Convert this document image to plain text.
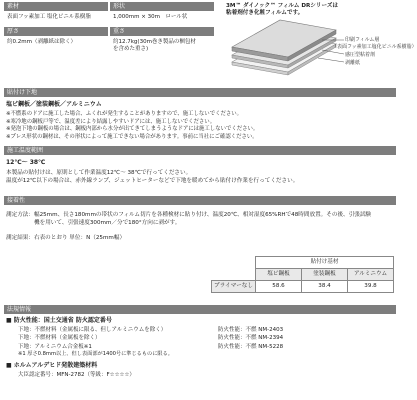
素材
表面フッ素加工 塩化ビニル系樹脂
形状
1,000mm × 30m　ロール状
厚さ
約0.2mm（剥離紙は除く）
重さ
約12.7kg(30m巻き製品の梱包材
を含めた重さ)
3M™ ダイノック™ フィルム DRシリーズは
粘着剤付き化粧フィルムです。
印刷フィルム層
（表面フッ素加工塩化ビニル系樹脂）
感圧型粘着剤
剥離紙
貼付け下地
塩ビ鋼板／塗装鋼板／アルミニウム
※不燃系のドアに施工した場合、ふくれが発生することがありますので、施工しないでください。
※寒冷地の鋼板戸等で、温度差により結露しやすいドアには、施工しないでください。
※発泡下地の鋼板の場合は、鋼板内部から水分が出てきてしまうようなドアには施工しないでください。
※プレス形状の鋼材は、その形状によって施工できない場合があります。事前に当社にご確認ください。
施工温度範囲
12℃〜 38℃
本製品の貼付けは、原則として作業温度12℃〜 38℃で行ってください。
温度が12℃以下の場合は、赤外線ランプ、ジェットヒーターなどで下地を暖めてから貼付け作業を行ってください。
接着性
測定方法：幅25mm、長さ180mmの帯状のフィルム切片を各種検材に貼り付け、温度20℃、相対湿度65%RHで48時間放置。その後、引張試験
機を用いて、引張速度300mm／分で180°方向に剥がす。
測定結果：右表のとおり 単位：N（25mm幅）
	貼付け基材		
	塩ビ鋼板	塗装鋼板	アルミニウム
プライマーなし	58.6	38.4	39.8
法規情報
■ 防火性能：国土交通省 防火認定番号
下地：不燃材料（金属板に限る、但しアルミニウムを除く）	防火性能：不燃 NM-2403
下地：不燃材料（金属板を除く）	防火性能：不燃 NM-2394
下地：アルミニウム合金板※1	防火性能：不燃 NM-5228
※1 厚さ0.8mm以上、但し表面部が1400号に準じるものに限る。
■ ホルムアルデヒド発散建築材料
大臣認定番号：MFN-2782（等級：F☆☆☆☆）
